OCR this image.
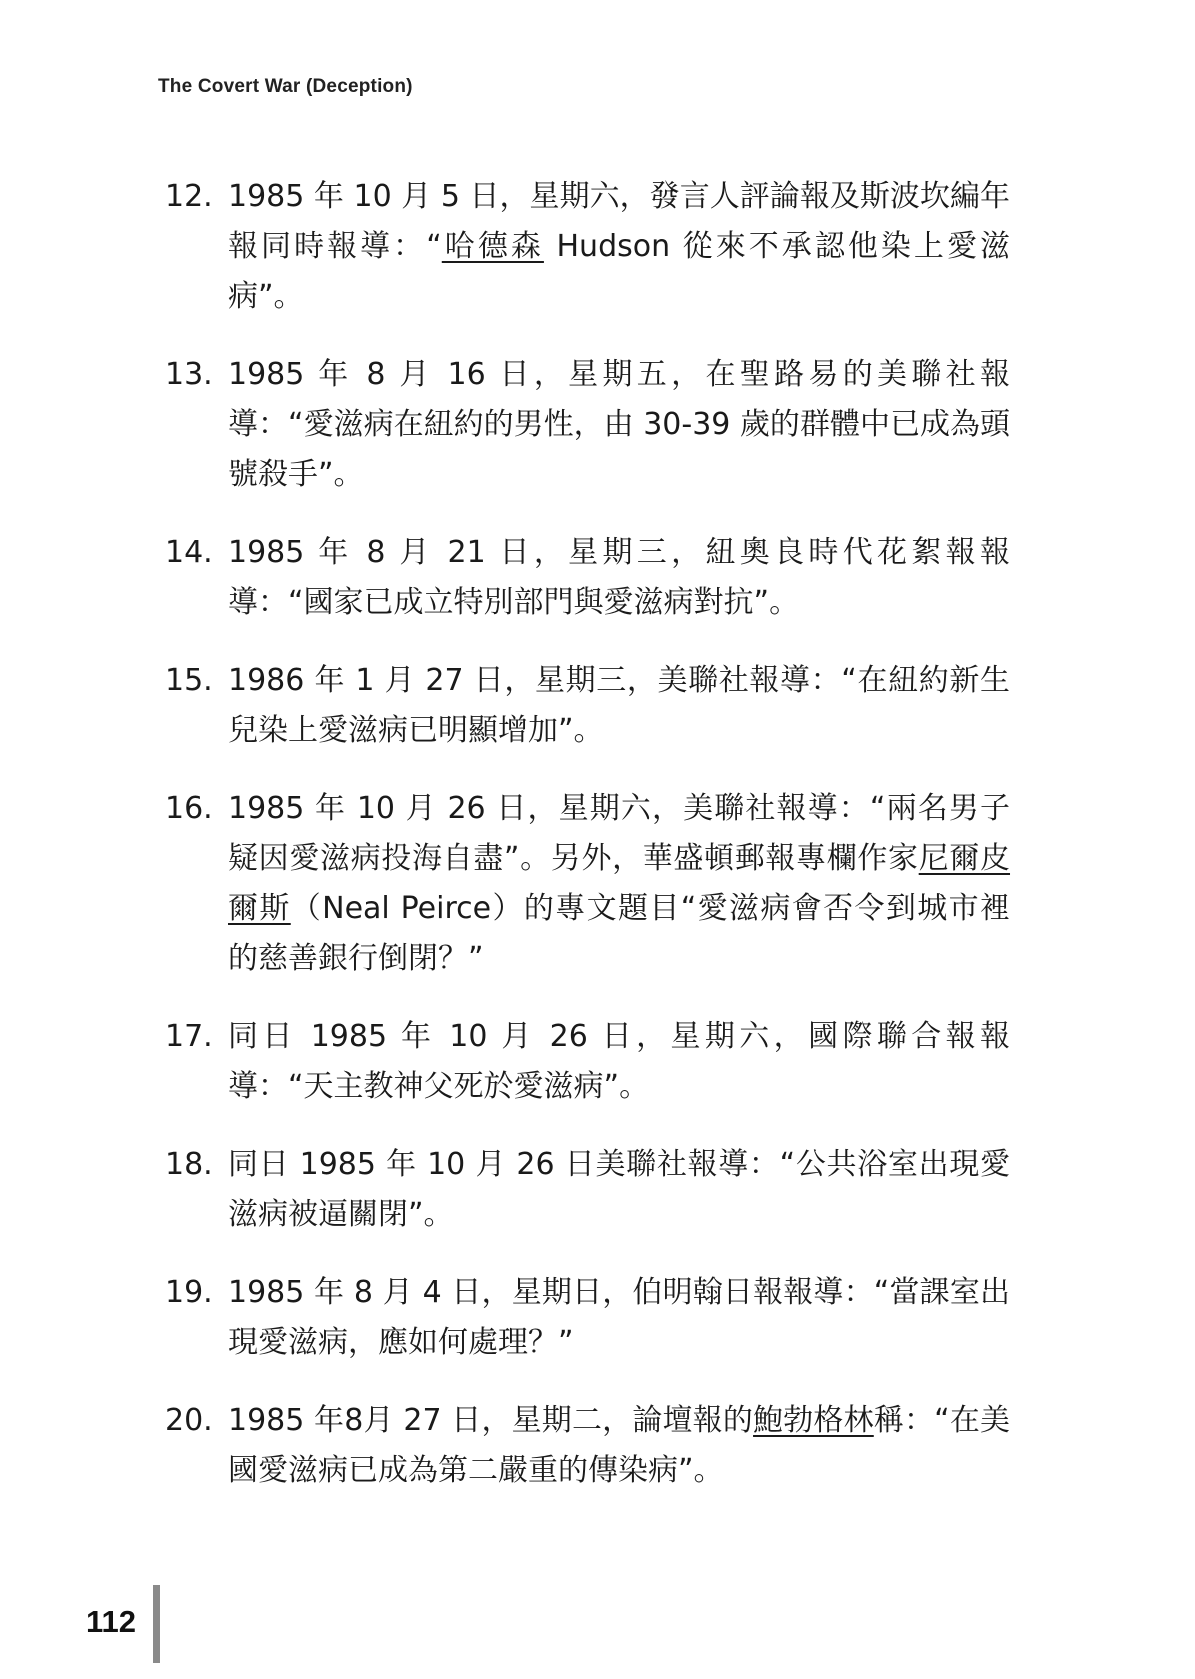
The Covert War (Deception)
12. 1985 年 10 月 5 日，星期六，發言人評論報及斯波坎編年報同時報導：“哈德森 Hudson 從來不承認他染上愛滋病”。
13. 1985 年 8 月 16 日，星期五，在聖路易的美聯社報導：“愛滋病在紐約的男性，由 30-39 歲的群體中已成為頭號殺手”。
14. 1985 年 8 月 21 日，星期三，紐奧良時代花絮報報導：“國家已成立特別部門與愛滋病對抗”。
15. 1986 年 1 月 27 日，星期三，美聯社報導：“在紐約新生兒染上愛滋病已明顯增加”。
16. 1985 年 10 月 26 日，星期六，美聯社報導：“兩名男子疑因愛滋病投海自盡”。另外，華盛頓郵報專欄作家尼爾皮爾斯（Neal Peirce）的專文題目“愛滋病會否令到城市裡的慈善銀行倒閉？”
17. 同日 1985 年 10 月 26 日，星期六，國際聯合報報導：“天主教神父死於愛滋病”。
18. 同日 1985 年 10 月 26 日美聯社報導：“公共浴室出現愛滋病被逼關閉”。
19. 1985 年 8 月 4 日，星期日，伯明翰日報報導：“當課室出現愛滋病，應如何處理？”
20. 1985 年8月 27 日，星期二，論壇報的鮑勃格林稱：“在美國愛滋病已成為第二嚴重的傳染病”。
112
